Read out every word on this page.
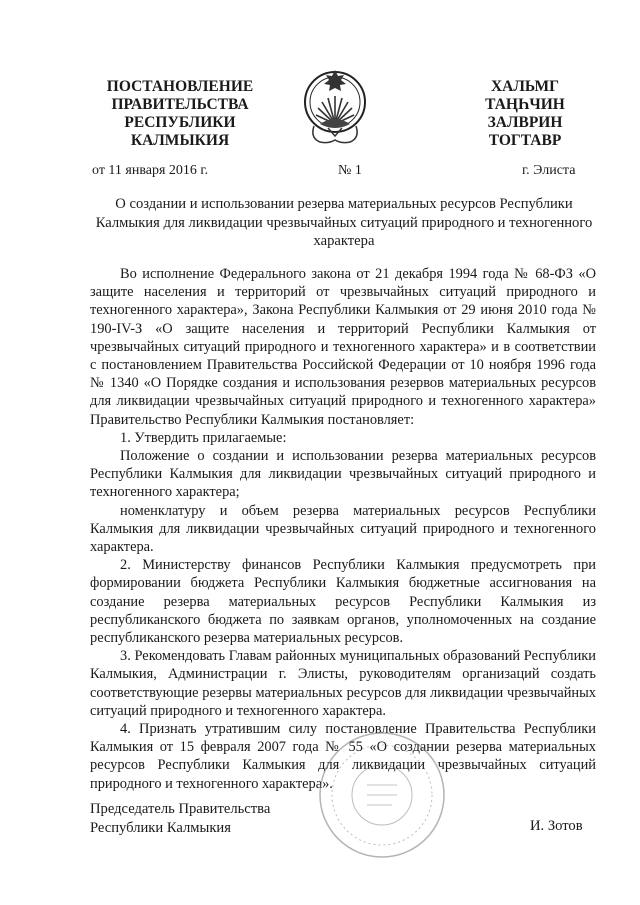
ПОСТАНОВЛЕНИЕ
ПРАВИТЕЛЬСТВА
РЕСПУБЛИКИ
КАЛМЫКИЯ
ХАЛЬМГ
ТАҢҺЧИН
ЗАЛВРИН
ТОГТАВР
от 11 января 2016 г.	№ 1	г. Элиста
О создании и использовании резерва материальных ресурсов Республики Калмыкия для ликвидации чрезвычайных ситуаций природного и техногенного характера

Во исполнение Федерального закона от 21 декабря 1994 года № 68-ФЗ «О защите населения и территорий от чрезвычайных ситуаций природного и техногенного характера», Закона Республики Калмыкия от 29 июня 2010 года № 190-IV-З «О защите населения и территорий Республики Калмыкия от чрезвычайных ситуаций природного и техногенного характера» и в соответствии с постановлением Правительства Российской Федерации от 10 ноября 1996 года № 1340 «О Порядке создания и использования резервов материальных ресурсов для ликвидации чрезвычайных ситуаций природного и техногенного характера» Правительство Республики Калмыкия постановляет:

1. Утвердить прилагаемые:

Положение о создании и использовании резерва материальных ресурсов Республики Калмыкия для ликвидации чрезвычайных ситуаций природного и техногенного характера;

номенклатуру и объем резерва материальных ресурсов Республики Калмыкия для ликвидации чрезвычайных ситуаций природного и техногенного характера.

2. Министерству финансов Республики Калмыкия предусмотреть при формировании бюджета Республики Калмыкия бюджетные ассигнования на создание резерва материальных ресурсов Республики Калмыкия из республиканского бюджета по заявкам органов, уполномоченных на создание республиканского резерва материальных ресурсов.

3. Рекомендовать Главам районных муниципальных образований Республики Калмыкия, Администрации г. Элисты, руководителям организаций создать соответствующие резервы материальных ресурсов для ликвидации чрезвычайных ситуаций природного и техногенного характера.

4. Признать утратившим силу постановление Правительства Республики Калмыкия от 15 февраля 2007 года № 55 «О создании резерва материальных ресурсов Республики Калмыкия для ликвидации чрезвычайных ситуаций природного и техногенного характера».

Председатель Правительства
Республики Калмыкия	И. Зотов
